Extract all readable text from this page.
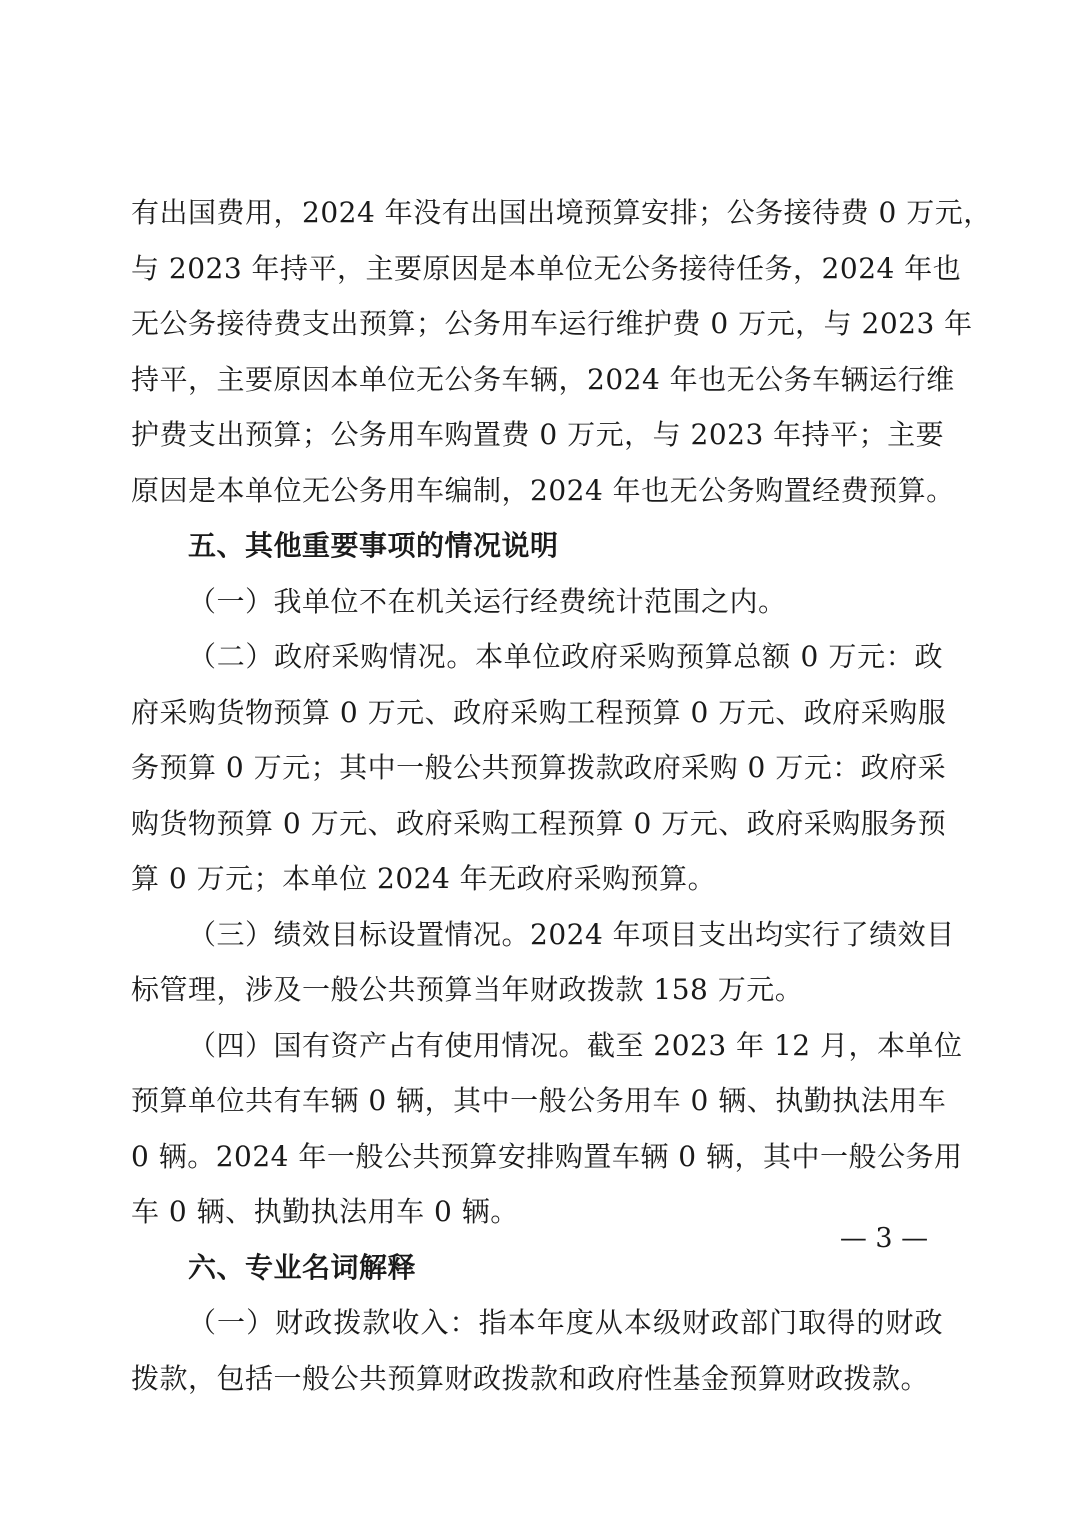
有出国费用，2024 年没有出国出境预算安排；公务接待费 0 万元，
与 2023 年持平，主要原因是本单位无公务接待任务，2024 年也
无公务接待费支出预算；公务用车运行维护费 0 万元，与 2023 年
持平，主要原因本单位无公务车辆，2024 年也无公务车辆运行维
护费支出预算；公务用车购置费 0 万元，与 2023 年持平；主要
原因是本单位无公务用车编制，2024 年也无公务购置经费预算。
五、其他重要事项的情况说明
（一）我单位不在机关运行经费统计范围之内。
（二）政府采购情况。本单位政府采购预算总额 0 万元：政
府采购货物预算 0 万元、政府采购工程预算 0 万元、政府采购服
务预算 0 万元；其中一般公共预算拨款政府采购 0 万元：政府采
购货物预算 0 万元、政府采购工程预算 0 万元、政府采购服务预
算 0 万元；本单位 2024 年无政府采购预算。
（三）绩效目标设置情况。2024 年项目支出均实行了绩效目
标管理，涉及一般公共预算当年财政拨款 158 万元。
（四）国有资产占有使用情况。截至 2023 年 12 月，本单位
预算单位共有车辆 0 辆，其中一般公务用车 0 辆、执勤执法用车
0 辆。2024 年一般公共预算安排购置车辆 0 辆，其中一般公务用
车 0 辆、执勤执法用车 0 辆。
六、专业名词解释
（一）财政拨款收入：指本年度从本级财政部门取得的财政
拨款，包括一般公共预算财政拨款和政府性基金预算财政拨款。
— 3 —
